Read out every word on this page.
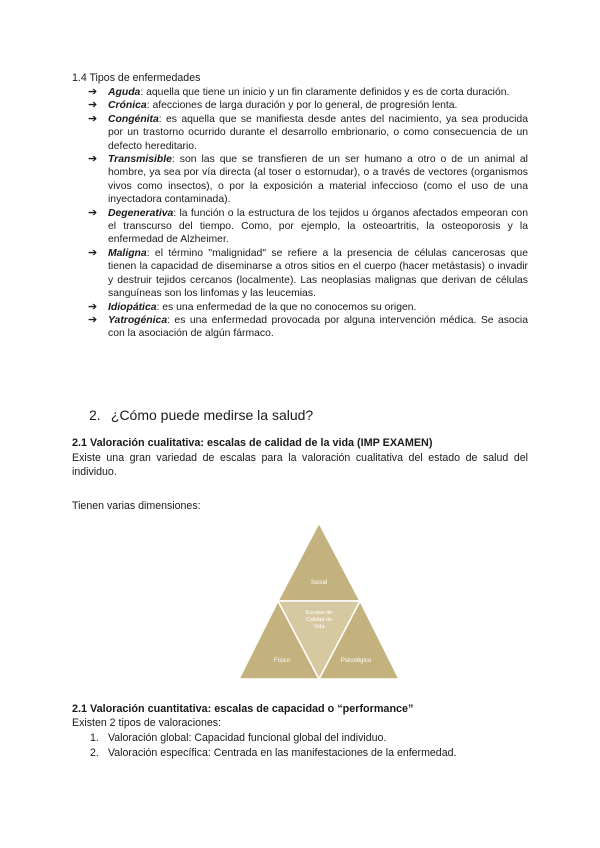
1.4 Tipos de enfermedades
➔ Aguda: aquella que tiene un inicio y un fin claramente definidos y es de corta duración.
➔ Crónica: afecciones de larga duración y por lo general, de progresión lenta.
➔ Congénita: es aquella que se manifiesta desde antes del nacimiento, ya sea producida por un trastorno ocurrido durante el desarrollo embrionario, o como consecuencia de un defecto hereditario.
➔ Transmisible: son las que se transfieren de un ser humano a otro o de un animal al hombre, ya sea por vía directa (al toser o estornudar), o a través de vectores (organismos vivos como insectos), o por la exposición a material infeccioso (como el uso de una inyectadora contaminada).
➔ Degenerativa: la función o la estructura de los tejidos u órganos afectados empeoran con el transcurso del tiempo. Como, por ejemplo, la osteoartritis, la osteoporosis y la enfermedad de Alzheimer.
➔ Maligna: el término "malignidad" se refiere a la presencia de células cancerosas que tienen la capacidad de diseminarse a otros sitios en el cuerpo (hacer metástasis) o invadir y destruir tejidos cercanos (localmente). Las neoplasias malignas que derivan de células sanguíneas son los linfomas y las leucemias.
➔ Idiopática: es una enfermedad de la que no conocemos su origen.
➔ Yatrogénica: es una enfermedad provocada por alguna intervención médica. Se asocia con la asociación de algún fármaco.
2. ¿Cómo puede medirse la salud?
2.1 Valoración cualitativa: escalas de calidad de la vida (IMP EXAMEN)

Existe una gran variedad de escalas para la valoración cualitativa del estado de salud del individuo.

Tienen varias dimensiones:

Social
Físico	Psicológico
Escalas de
Calidad de
Vida
2.1 Valoración cuantitativa: escalas de capacidad o “performance”
Existen 2 tipos de valoraciones:
1. Valoración global: Capacidad funcional global del individuo.
2. Valoración específica: Centrada en las manifestaciones de la enfermedad.
